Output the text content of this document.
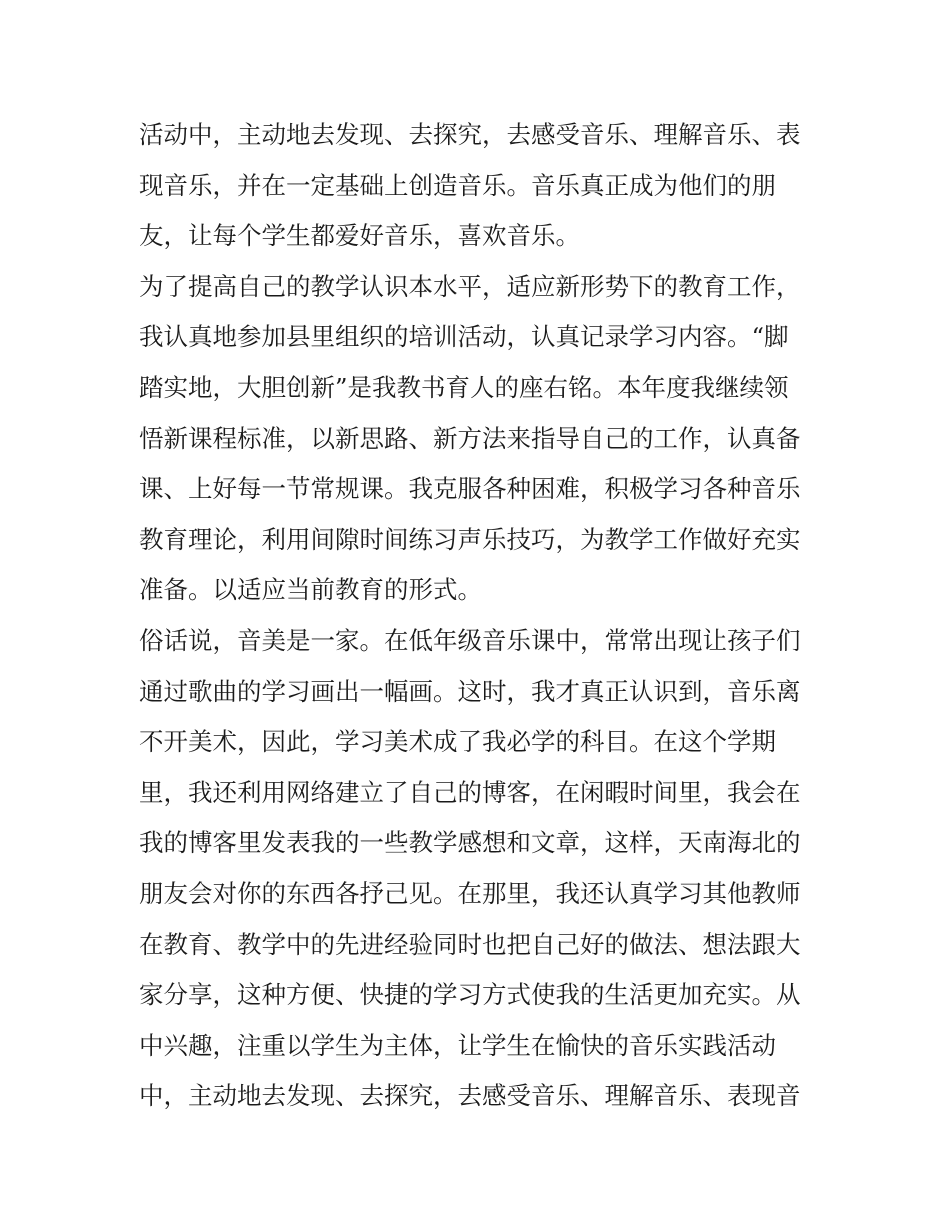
活动中，主动地去发现、去探究，去感受音乐、理解音乐、表
现音乐，并在一定基础上创造音乐。音乐真正成为他们的朋
友，让每个学生都爱好音乐，喜欢音乐。
为了提高自己的教学认识本水平，适应新形势下的教育工作，
我认真地参加县里组织的培训活动，认真记录学习内容。“脚
踏实地，大胆创新”是我教书育人的座右铭。本年度我继续领
悟新课程标准，以新思路、新方法来指导自己的工作，认真备
课、上好每一节常规课。我克服各种困难，积极学习各种音乐
教育理论，利用间隙时间练习声乐技巧，为教学工作做好充实
准备。以适应当前教育的形式。
俗话说，音美是一家。在低年级音乐课中，常常出现让孩子们
通过歌曲的学习画出一幅画。这时，我才真正认识到，音乐离
不开美术，因此，学习美术成了我必学的科目。在这个学期
里，我还利用网络建立了自己的博客，在闲暇时间里，我会在
我的博客里发表我的一些教学感想和文章，这样，天南海北的
朋友会对你的东西各抒己见。在那里，我还认真学习其他教师
在教育、教学中的先进经验同时也把自己好的做法、想法跟大
家分享，这种方便、快捷的学习方式使我的生活更加充实。从
中兴趣，注重以学生为主体，让学生在愉快的音乐实践活动
中，主动地去发现、去探究，去感受音乐、理解音乐、表现音
